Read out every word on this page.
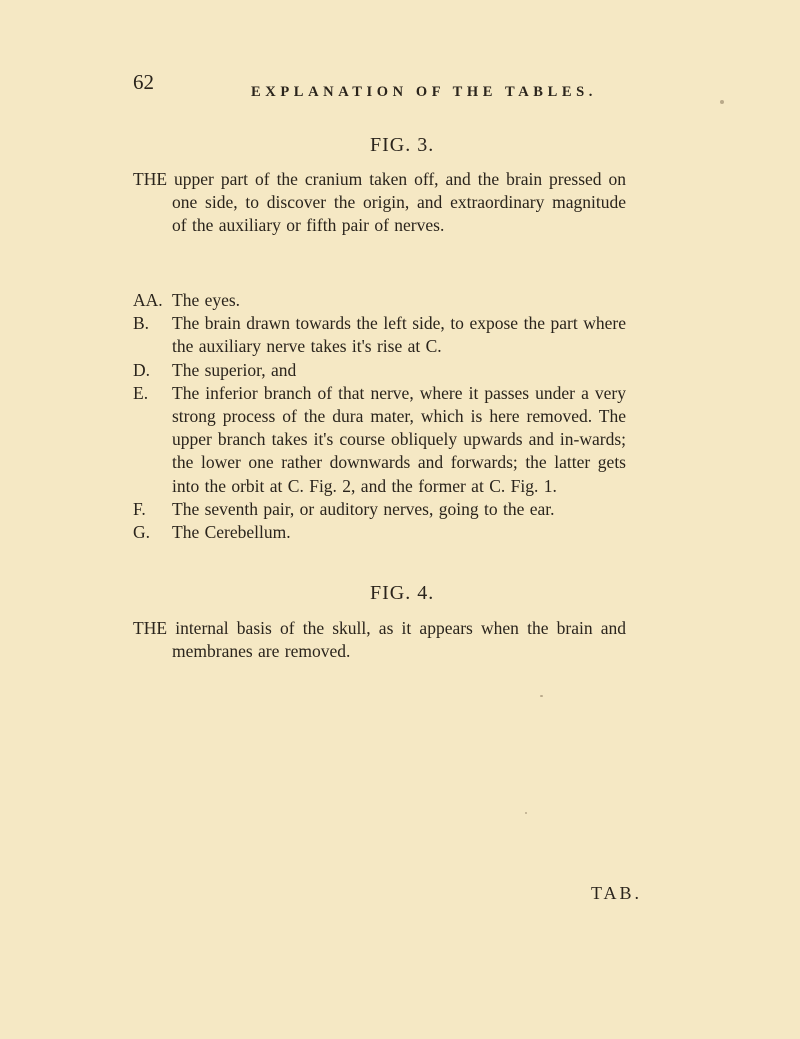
62	EXPLANATION OF THE TABLES.
FIG. 3.
THE upper part of the cranium taken off, and the brain pressed on one side, to discover the origin, and extraordinary magnitude of the auxiliary or fifth pair of nerves.
AA. The eyes.
B. The brain drawn towards the left side, to expose the part where the auxiliary nerve takes it's rise at C.
D. The superior, and
E. The inferior branch of that nerve, where it passes under a very strong process of the dura mater, which is here removed. The upper branch takes it's course obliquely upwards and in-wards; the lower one rather downwards and forwards; the latter gets into the orbit at C. Fig. 2, and the former at C. Fig. 1.
F. The seventh pair, or auditory nerves, going to the ear.
G. The Cerebellum.
FIG. 4.
THE internal basis of the skull, as it appears when the brain and membranes are removed.
TAB.
